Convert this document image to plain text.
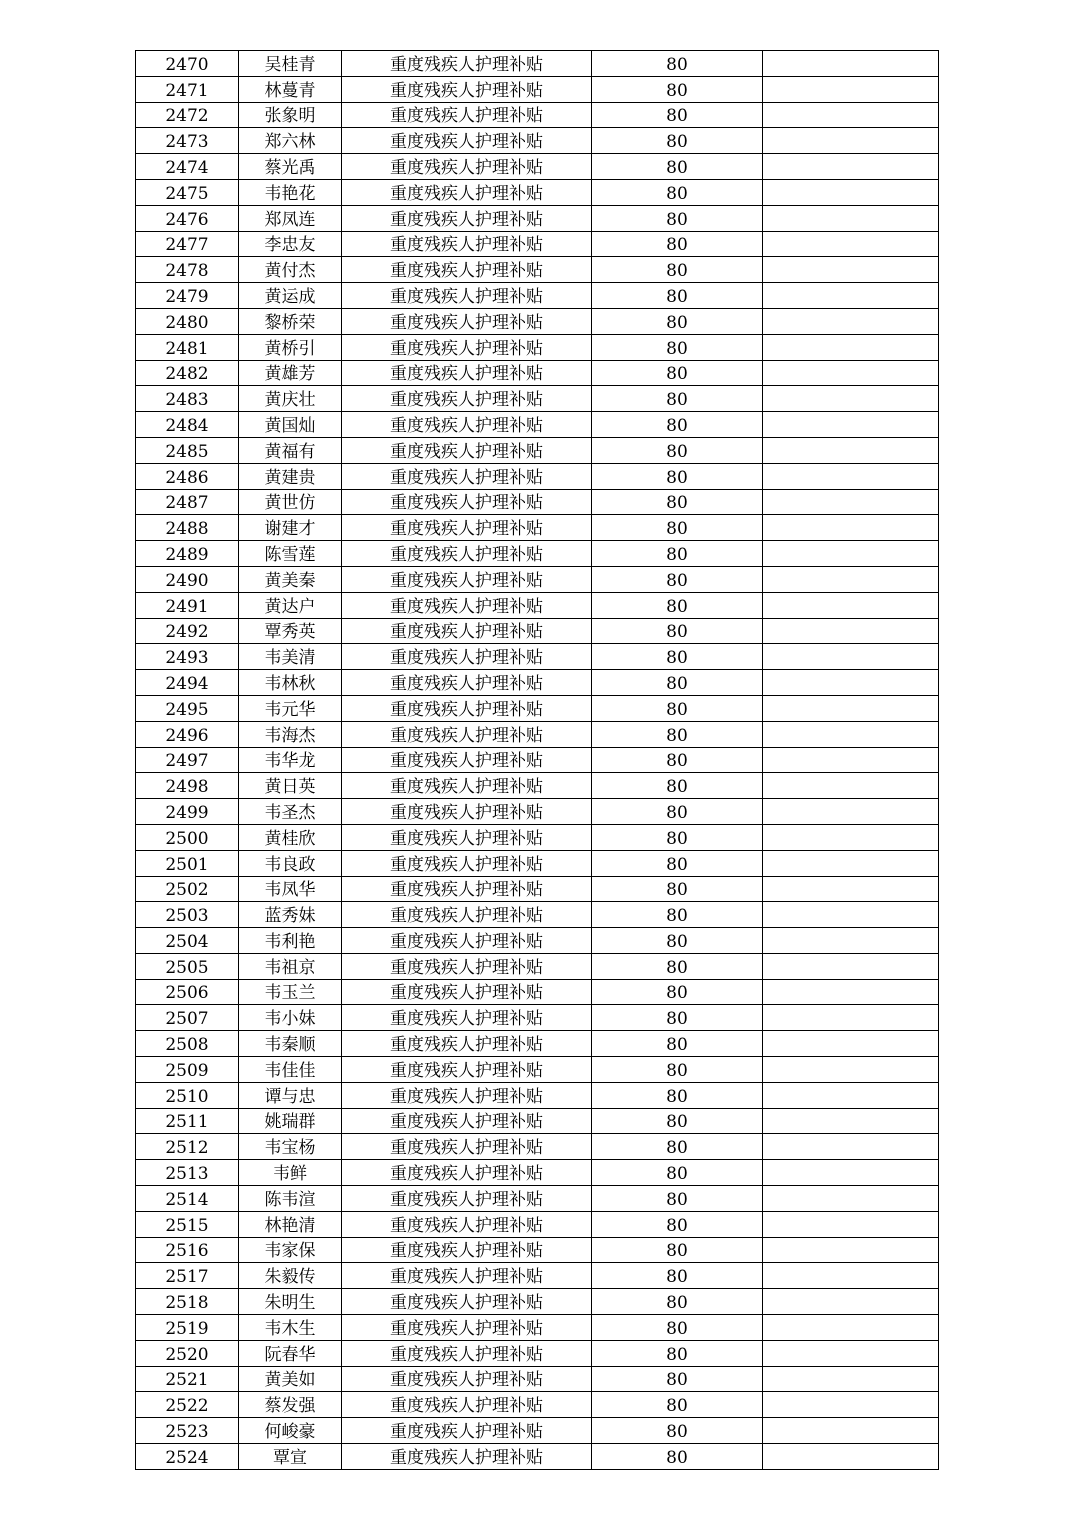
2470	吴桂青	重度残疾人护理补贴	80	
2471	林蔓青	重度残疾人护理补贴	80	
2472	张象明	重度残疾人护理补贴	80	
2473	郑六林	重度残疾人护理补贴	80	
2474	蔡光禹	重度残疾人护理补贴	80	
2475	韦艳花	重度残疾人护理补贴	80	
2476	郑凤连	重度残疾人护理补贴	80	
2477	李忠友	重度残疾人护理补贴	80	
2478	黄付杰	重度残疾人护理补贴	80	
2479	黄运成	重度残疾人护理补贴	80	
2480	黎桥荣	重度残疾人护理补贴	80	
2481	黄桥引	重度残疾人护理补贴	80	
2482	黄雄芳	重度残疾人护理补贴	80	
2483	黄庆壮	重度残疾人护理补贴	80	
2484	黄国灿	重度残疾人护理补贴	80	
2485	黄福有	重度残疾人护理补贴	80	
2486	黄建贵	重度残疾人护理补贴	80	
2487	黄世仿	重度残疾人护理补贴	80	
2488	谢建才	重度残疾人护理补贴	80	
2489	陈雪莲	重度残疾人护理补贴	80	
2490	黄美秦	重度残疾人护理补贴	80	
2491	黄达户	重度残疾人护理补贴	80	
2492	覃秀英	重度残疾人护理补贴	80	
2493	韦美清	重度残疾人护理补贴	80	
2494	韦林秋	重度残疾人护理补贴	80	
2495	韦元华	重度残疾人护理补贴	80	
2496	韦海杰	重度残疾人护理补贴	80	
2497	韦华龙	重度残疾人护理补贴	80	
2498	黄日英	重度残疾人护理补贴	80	
2499	韦圣杰	重度残疾人护理补贴	80	
2500	黄桂欣	重度残疾人护理补贴	80	
2501	韦良政	重度残疾人护理补贴	80	
2502	韦凤华	重度残疾人护理补贴	80	
2503	蓝秀妹	重度残疾人护理补贴	80	
2504	韦利艳	重度残疾人护理补贴	80	
2505	韦祖京	重度残疾人护理补贴	80	
2506	韦玉兰	重度残疾人护理补贴	80	
2507	韦小妹	重度残疾人护理补贴	80	
2508	韦秦顺	重度残疾人护理补贴	80	
2509	韦佳佳	重度残疾人护理补贴	80	
2510	谭与忠	重度残疾人护理补贴	80	
2511	姚瑞群	重度残疾人护理补贴	80	
2512	韦宝杨	重度残疾人护理补贴	80	
2513	韦鲜	重度残疾人护理补贴	80	
2514	陈韦渲	重度残疾人护理补贴	80	
2515	林艳清	重度残疾人护理补贴	80	
2516	韦家保	重度残疾人护理补贴	80	
2517	朱毅传	重度残疾人护理补贴	80	
2518	朱明生	重度残疾人护理补贴	80	
2519	韦木生	重度残疾人护理补贴	80	
2520	阮春华	重度残疾人护理补贴	80	
2521	黄美如	重度残疾人护理补贴	80	
2522	蔡发强	重度残疾人护理补贴	80	
2523	何峻豪	重度残疾人护理补贴	80	
2524	覃宣	重度残疾人护理补贴	80	
